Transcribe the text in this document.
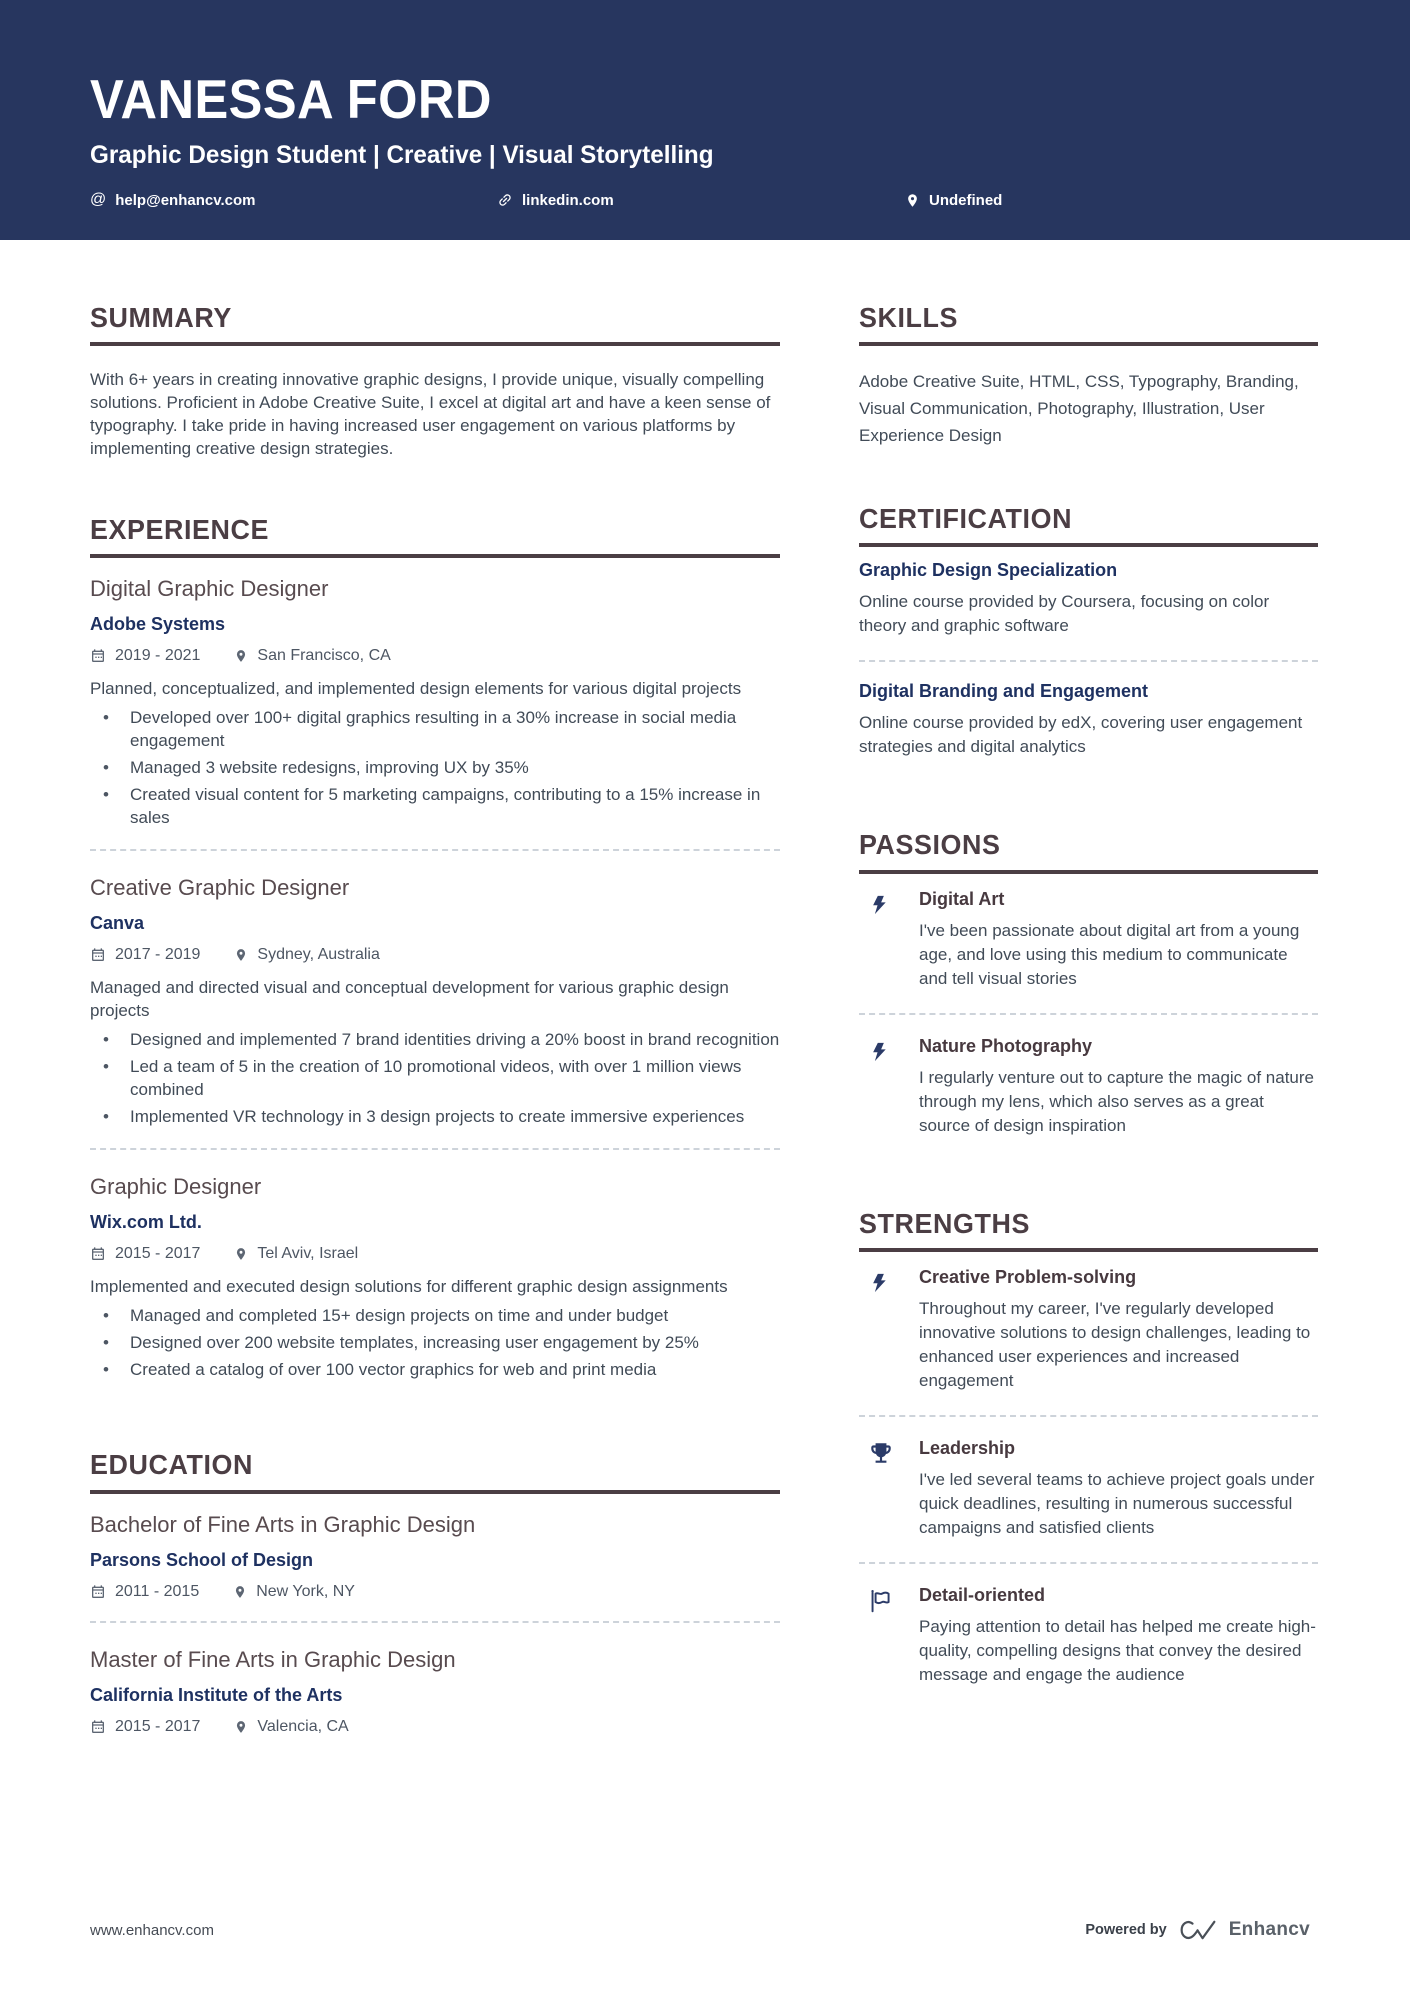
VANESSA FORD
Graphic Design Student | Creative | Visual Storytelling
@ help@enhancv.com	linkedin.com	Undefined
SUMMARY

With 6+ years in creating innovative graphic designs, I provide unique, visually compelling solutions. Proficient in Adobe Creative Suite, I excel at digital art and have a keen sense of typography. I take pride in having increased user engagement on various platforms by implementing creative design strategies.

EXPERIENCE
Digital Graphic Designer
Adobe Systems
2019 - 2021	San Francisco, CA
Planned, conceptualized, and implemented design elements for various digital projects
• Developed over 100+ digital graphics resulting in a 30% increase in social media engagement
• Managed 3 website redesigns, improving UX by 35%
• Created visual content for 5 marketing campaigns, contributing to a 15% increase in sales
Creative Graphic Designer
Canva
2017 - 2019	Sydney, Australia
Managed and directed visual and conceptual development for various graphic design projects
• Designed and implemented 7 brand identities driving a 20% boost in brand recognition
• Led a team of 5 in the creation of 10 promotional videos, with over 1 million views combined
• Implemented VR technology in 3 design projects to create immersive experiences
Graphic Designer
Wix.com Ltd.
2015 - 2017	Tel Aviv, Israel
Implemented and executed design solutions for different graphic design assignments
• Managed and completed 15+ design projects on time and under budget
• Designed over 200 website templates, increasing user engagement by 25%
• Created a catalog of over 100 vector graphics for web and print media
EDUCATION
Bachelor of Fine Arts in Graphic Design
Parsons School of Design
2011 - 2015	New York, NY
Master of Fine Arts in Graphic Design
California Institute of the Arts
2015 - 2017	Valencia, CA
SKILLS

Adobe Creative Suite, HTML, CSS, Typography, Branding, Visual Communication, Photography, Illustration, User Experience Design

CERTIFICATION
Graphic Design Specialization
Online course provided by Coursera, focusing on color theory and graphic software
Digital Branding and Engagement
Online course provided by edX, covering user engagement strategies and digital analytics
PASSIONS
Digital Art
I've been passionate about digital art from a young age, and love using this medium to communicate and tell visual stories
Nature Photography
I regularly venture out to capture the magic of nature through my lens, which also serves as a great source of design inspiration
STRENGTHS
Creative Problem-solving
Throughout my career, I've regularly developed innovative solutions to design challenges, leading to enhanced user experiences and increased engagement
Leadership
I've led several teams to achieve project goals under quick deadlines, resulting in numerous successful campaigns and satisfied clients
Detail-oriented
Paying attention to detail has helped me create high-quality, compelling designs that convey the desired message and engage the audience
www.enhancv.com	Powered by	Enhancv
